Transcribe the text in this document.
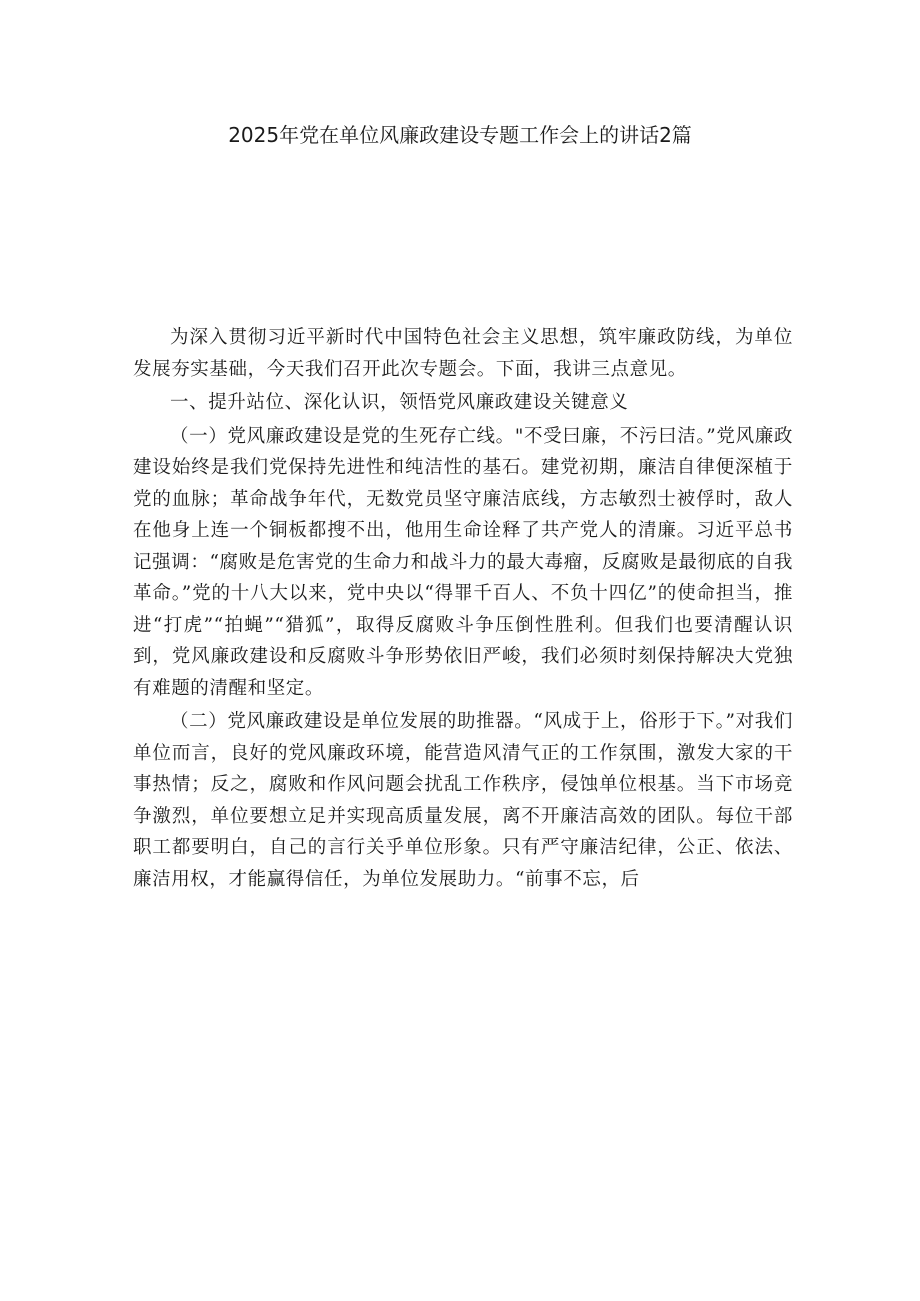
2025年党在单位风廉政建设专题工作会上的讲话2篇

为深入贯彻习近平新时代中国特色社会主义思想，筑牢廉政防线，为单位发展夯实基础，今天我们召开此次专题会。下面，我讲三点意见。

一、提升站位、深化认识，领悟党风廉政建设关键意义

（一）党风廉政建设是党的生死存亡线。"不受曰廉，不污曰洁。”党风廉政建设始终是我们党保持先进性和纯洁性的基石。建党初期，廉洁自律便深植于党的血脉；革命战争年代，无数党员坚守廉洁底线，方志敏烈士被俘时，敌人在他身上连一个铜板都搜不出，他用生命诠释了共产党人的清廉。习近平总书记强调：“腐败是危害党的生命力和战斗力的最大毒瘤，反腐败是最彻底的自我革命。”党的十八大以来，党中央以“得罪千百人、不负十四亿”的使命担当，推进“打虎”“拍蝇”“猎狐”，取得反腐败斗争压倒性胜利。但我们也要清醒认识到，党风廉政建设和反腐败斗争形势依旧严峻，我们必须时刻保持解决大党独有难题的清醒和坚定。

（二）党风廉政建设是单位发展的助推器。“风成于上，俗形于下。”对我们单位而言，良好的党风廉政环境，能营造风清气正的工作氛围，激发大家的干事热情；反之，腐败和作风问题会扰乱工作秩序，侵蚀单位根基。当下市场竞争激烈，单位要想立足并实现高质量发展，离不开廉洁高效的团队。每位干部职工都要明白，自己的言行关乎单位形象。只有严守廉洁纪律，公正、依法、廉洁用权，才能赢得信任，为单位发展助力。“前事不忘，后
